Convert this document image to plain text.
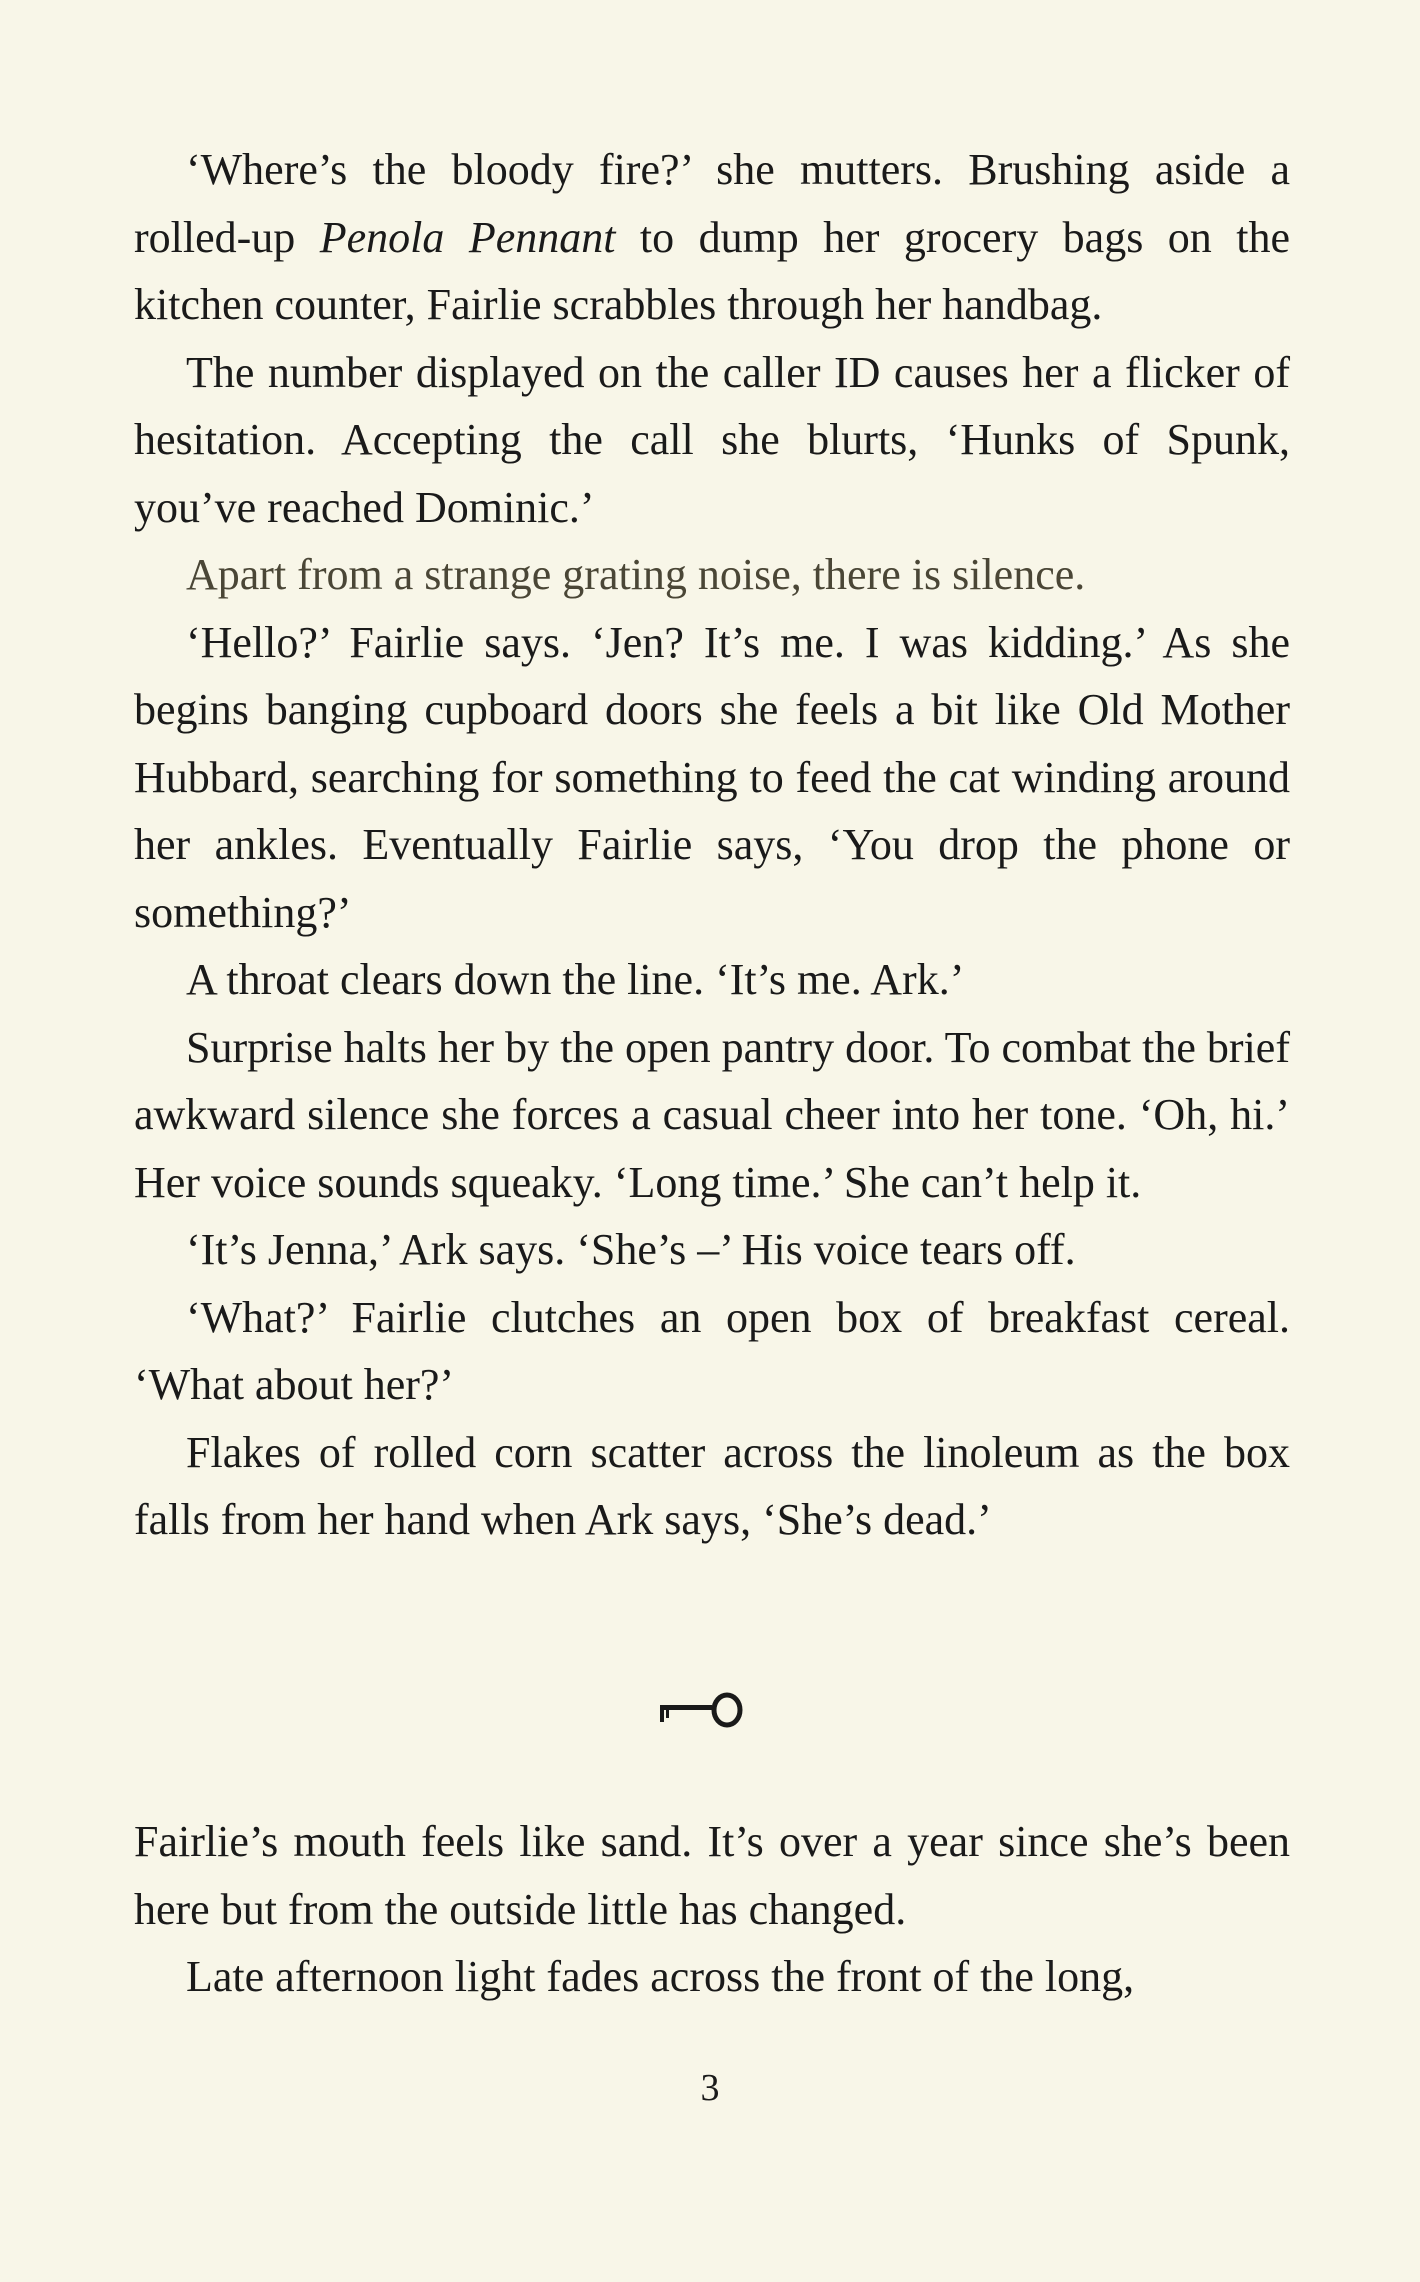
‘Where’s the bloody fire?’ she mutters. Brushing aside a rolled-up Penola Pennant to dump her grocery bags on the kitchen counter, Fairlie scrabbles through her handbag.

The number displayed on the caller ID causes her a flicker of hesitation. Accepting the call she blurts, ‘Hunks of Spunk, you’ve reached Dominic.’

Apart from a strange grating noise, there is silence.

‘Hello?’ Fairlie says. ‘Jen? It’s me. I was kidding.’ As she begins banging cupboard doors she feels a bit like Old Mother Hubbard, searching for something to feed the cat winding around her ankles. Eventually Fairlie says, ‘You drop the phone or something?’

A throat clears down the line. ‘It’s me. Ark.’

Surprise halts her by the open pantry door. To combat the brief awkward silence she forces a casual cheer into her tone. ‘Oh, hi.’ Her voice sounds squeaky. ‘Long time.’ She can’t help it.

‘It’s Jenna,’ Ark says. ‘She’s –’ His voice tears off.

‘What?’ Fairlie clutches an open box of breakfast cereal. ‘What about her?’

Flakes of rolled corn scatter across the linoleum as the box falls from her hand when Ark says, ‘She’s dead.’

Fairlie’s mouth feels like sand. It’s over a year since she’s been here but from the outside little has changed.

Late afternoon light fades across the front of the long,

3
